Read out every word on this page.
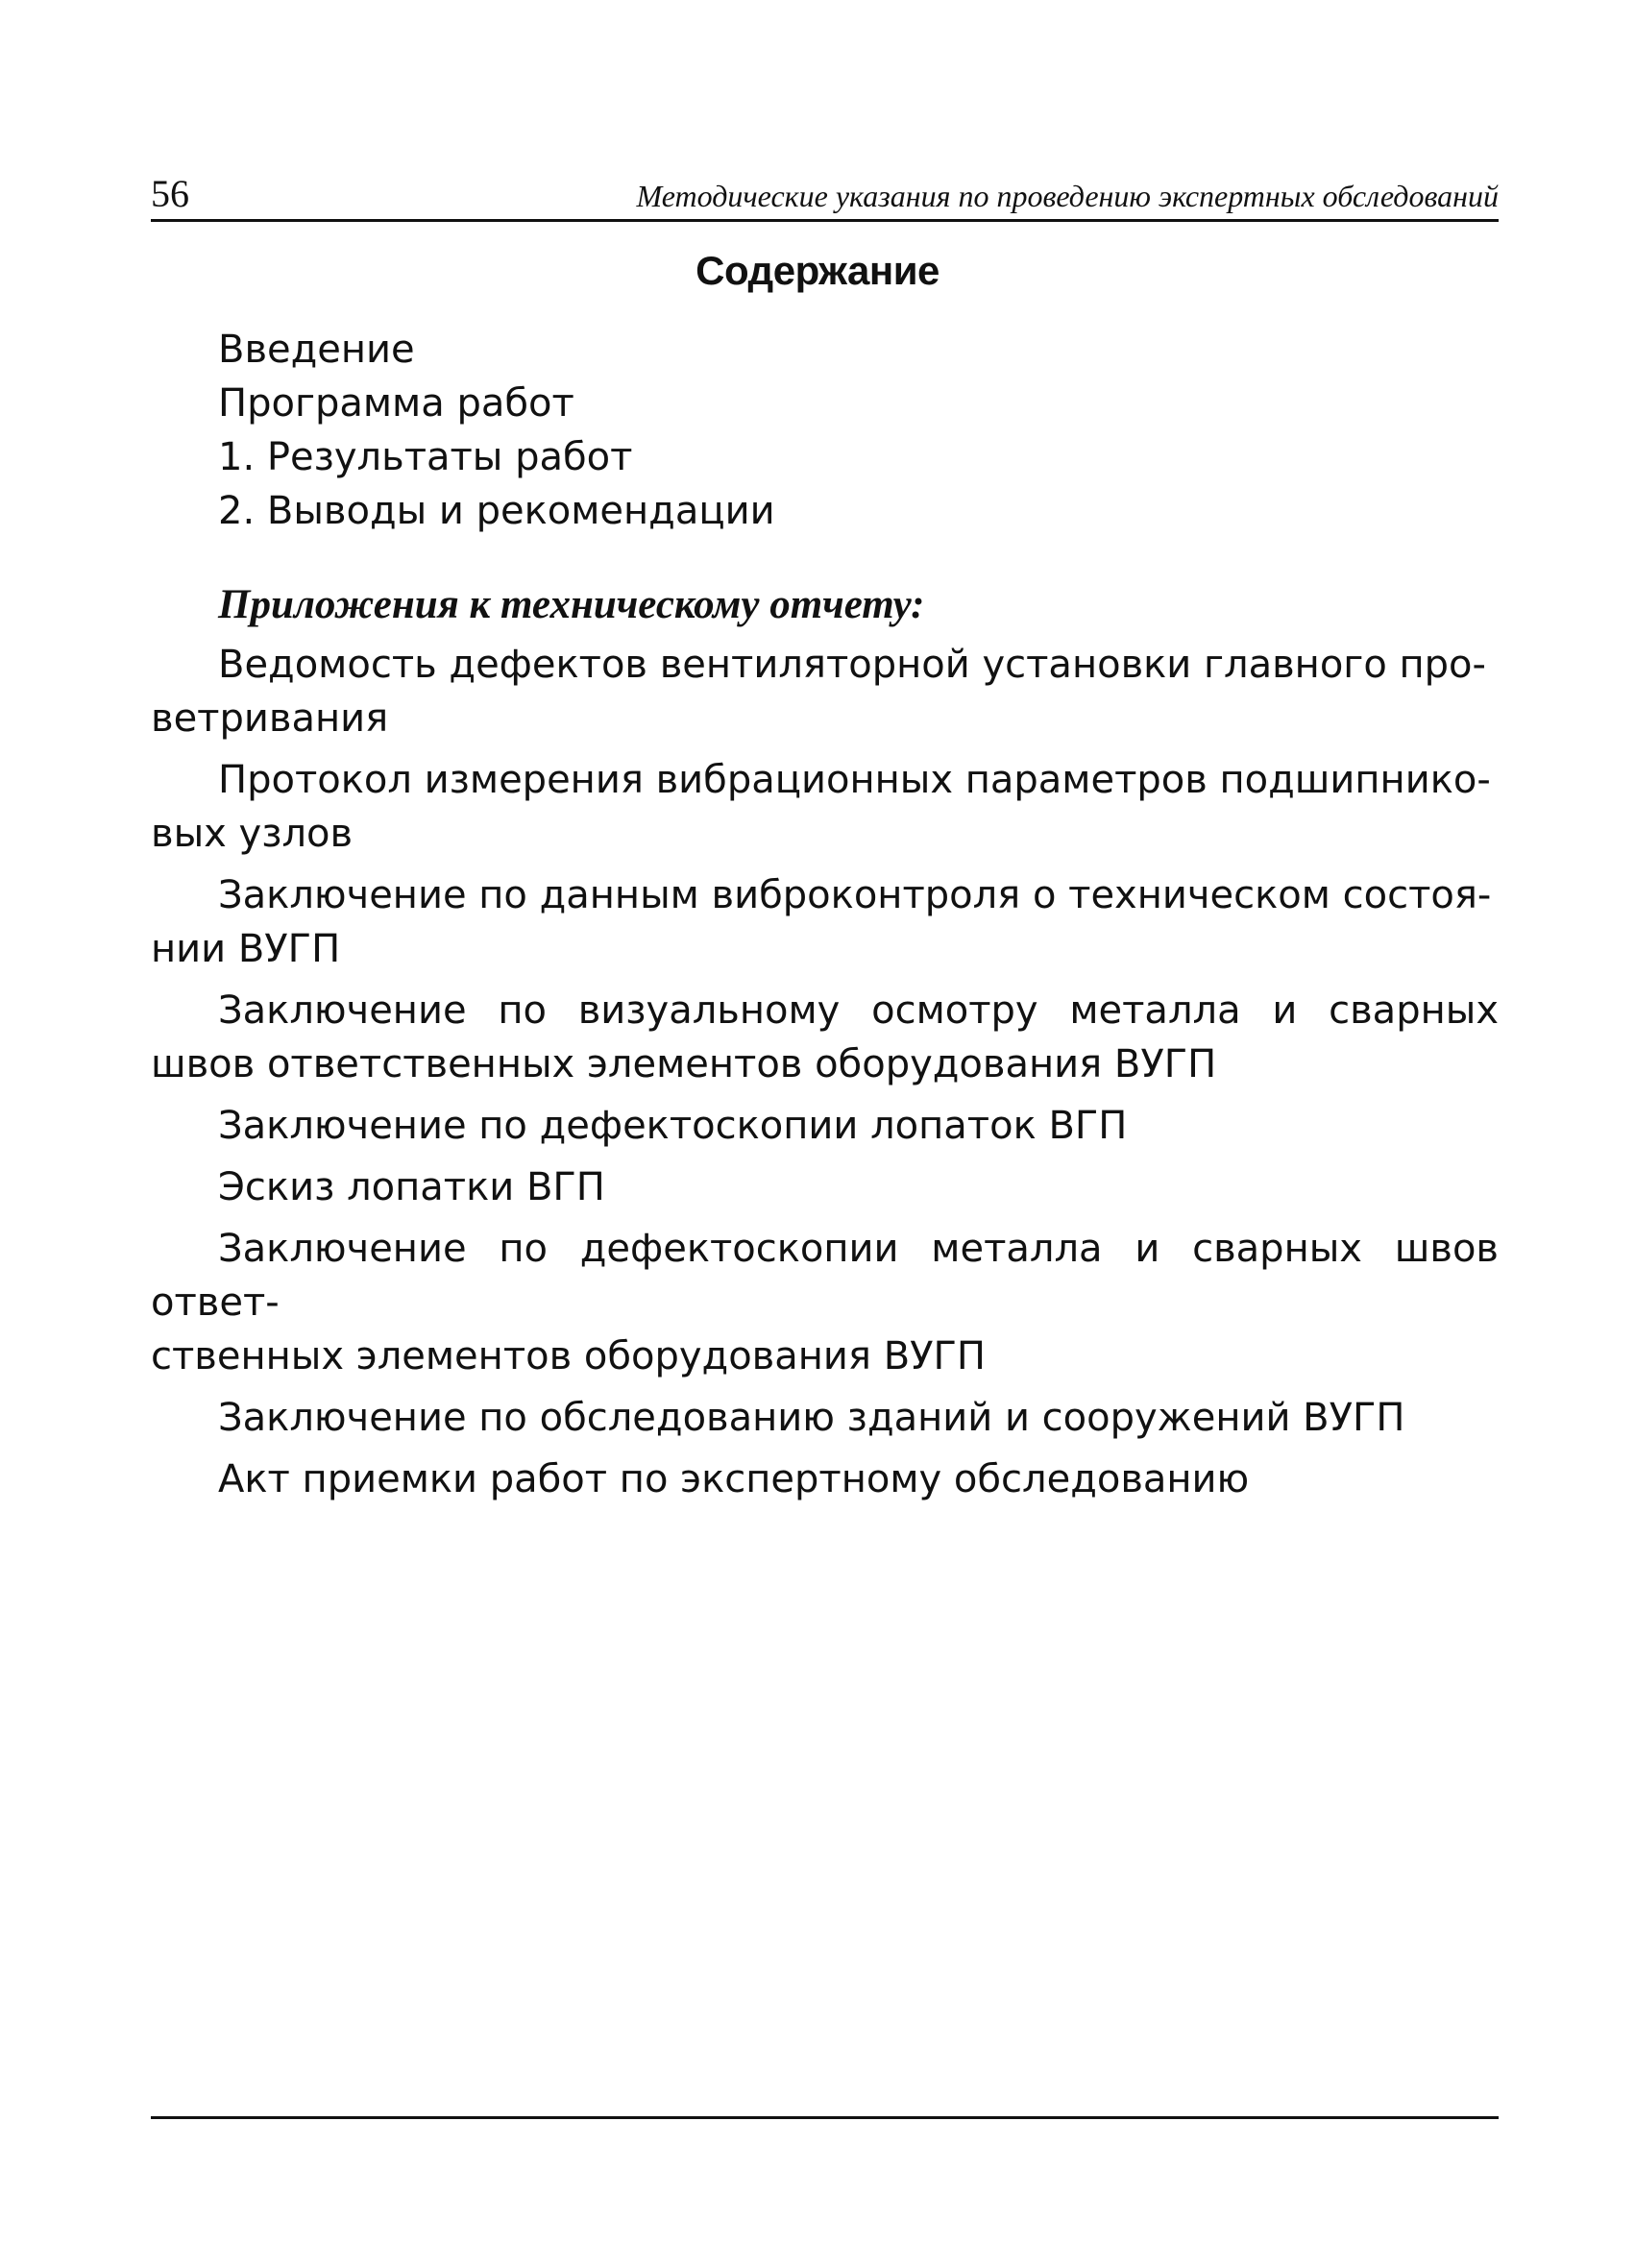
56	Методические указания по проведению экспертных обследований
Содержание

Введение

Программа работ

1. Результаты работ

2. Выводы и рекомендации

Приложения к техническому отчету:

Ведомость дефектов вентиляторной установки главного про-
ветривания

Протокол измерения вибрационных параметров подшипнико-
вых узлов

Заключение по данным виброконтроля о техническом состоя-
нии ВУГП

Заключение по визуальному осмотру металла и сварных швов ответственных элементов оборудования ВУГП

Заключение по дефектоскопии лопаток ВГП

Эскиз лопатки ВГП

Заключение по дефектоскопии металла и сварных швов ответ-
ственных элементов оборудования ВУГП

Заключение по обследованию зданий и сооружений ВУГП

Акт приемки работ по экспертному обследованию
